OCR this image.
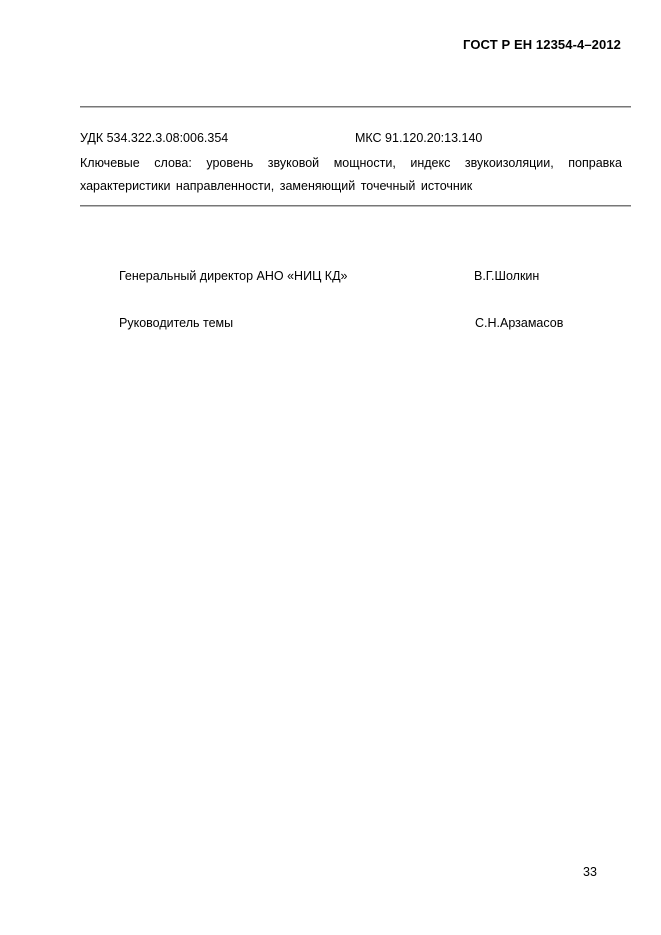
ГОСТ Р ЕН 12354-4–2012
УДК 534.322.3.08:006.354	МКС 91.120.20:13.140
Ключевые слова: уровень звуковой мощности, индекс звукоизоляции, поправка характеристики направленности, заменяющий точечный источник
Генеральный директор АНО «НИЦ КД»	В.Г.Шолкин
Руководитель темы	С.Н.Арзамасов
33
